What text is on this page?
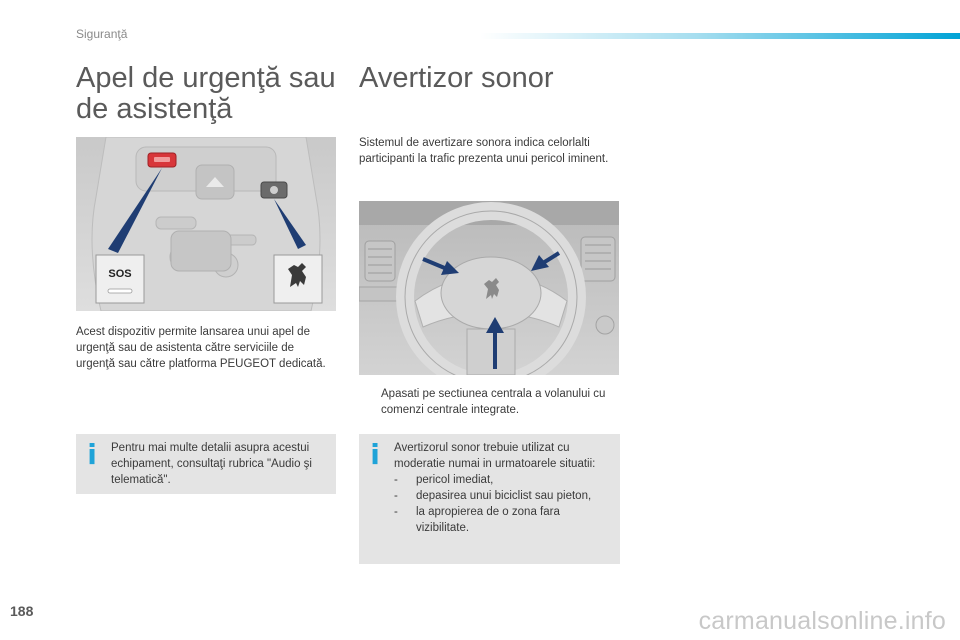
Siguranţă
Apel de urgenţă sau de asistenţă
SOS

Acest dispozitiv permite lansarea unui apel de urgenţă sau de asistenta către serviciile de urgenţă sau către platforma PEUGEOT dedicată.

i Pentru mai multe detalii asupra acestui echipament, consultaţi rubrica "Audio şi telematică".
Avertizor sonor

Sistemul de avertizare sonora indica celorlalti participanti la trafic prezenta unui pericol iminent.

Apasati pe sectiunea centrala a volanului cu comenzi centrale integrate.
i Avertizorul sonor trebuie utilizat cu moderatie numai in urmatoarele situatii:
-	pericol imediat,
-	depasirea unui biciclist sau pieton,
-	la apropierea de o zona fara vizibilitate.
188	carmanualsonline.info
